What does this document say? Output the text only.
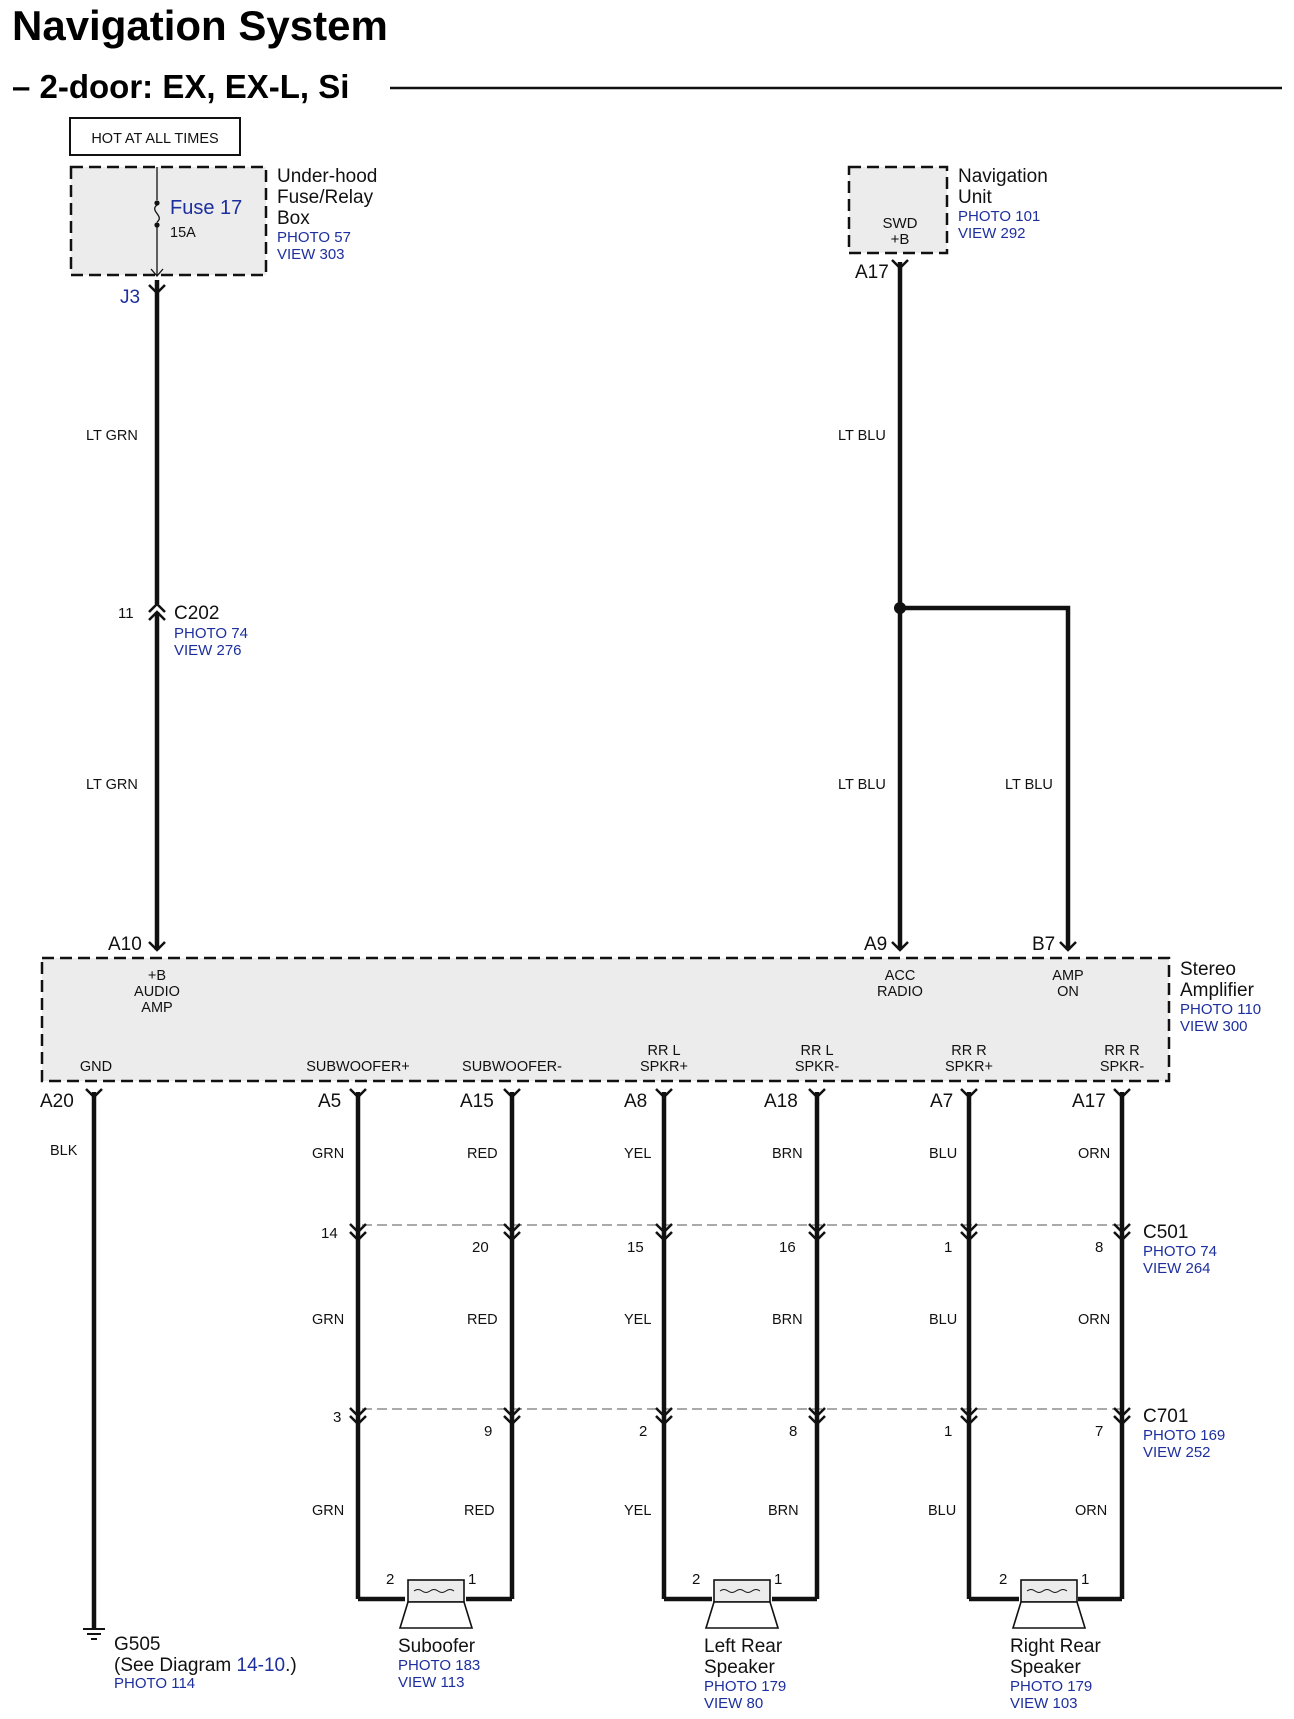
Navigation System
– 2-door: EX, EX-L, Si
HOT AT ALL TIMES
Under-hood
Fuse/Relay
Box
PHOTO 57
VIEW 303
Fuse 17
15A
J3
SWD
+B
Navigation
Unit
PHOTO 101
VIEW 292
A17
LT GRN
11 C202
PHOTO 74
VIEW 276
LT GRN
A10
LT BLU
LT BLU	LT BLU
A9	B7
Stereo
Amplifier
PHOTO 110
VIEW 300
+B
AUDIO
AMP
ACC
RADIO
AMP
ON
GND	SUBWOOFER+	SUBWOOFER-
RR L
SPKR+
RR L
SPKR-
RR R
SPKR+
RR R
SPKR-
A20
BLK
G505
(See Diagram 14-10.)
PHOTO 114
C501
PHOTO 74
VIEW 264
C701
PHOTO 169
VIEW 252
A5
GRN
14
GRN
3
GRN
A15
RED
20
RED
9
RED
A8
YEL
15
YEL
2
YEL
A18
BRN
16
BRN
8
BRN
A7
BLU
1
BLU
1
BLU
A17
ORN
8
ORN
7
ORN
2	1
Suboofer
PHOTO 183
VIEW 113
2	1
Left Rear
Speaker
PHOTO 179
VIEW 80
2	1
Right Rear
Speaker
PHOTO 179
VIEW 103
